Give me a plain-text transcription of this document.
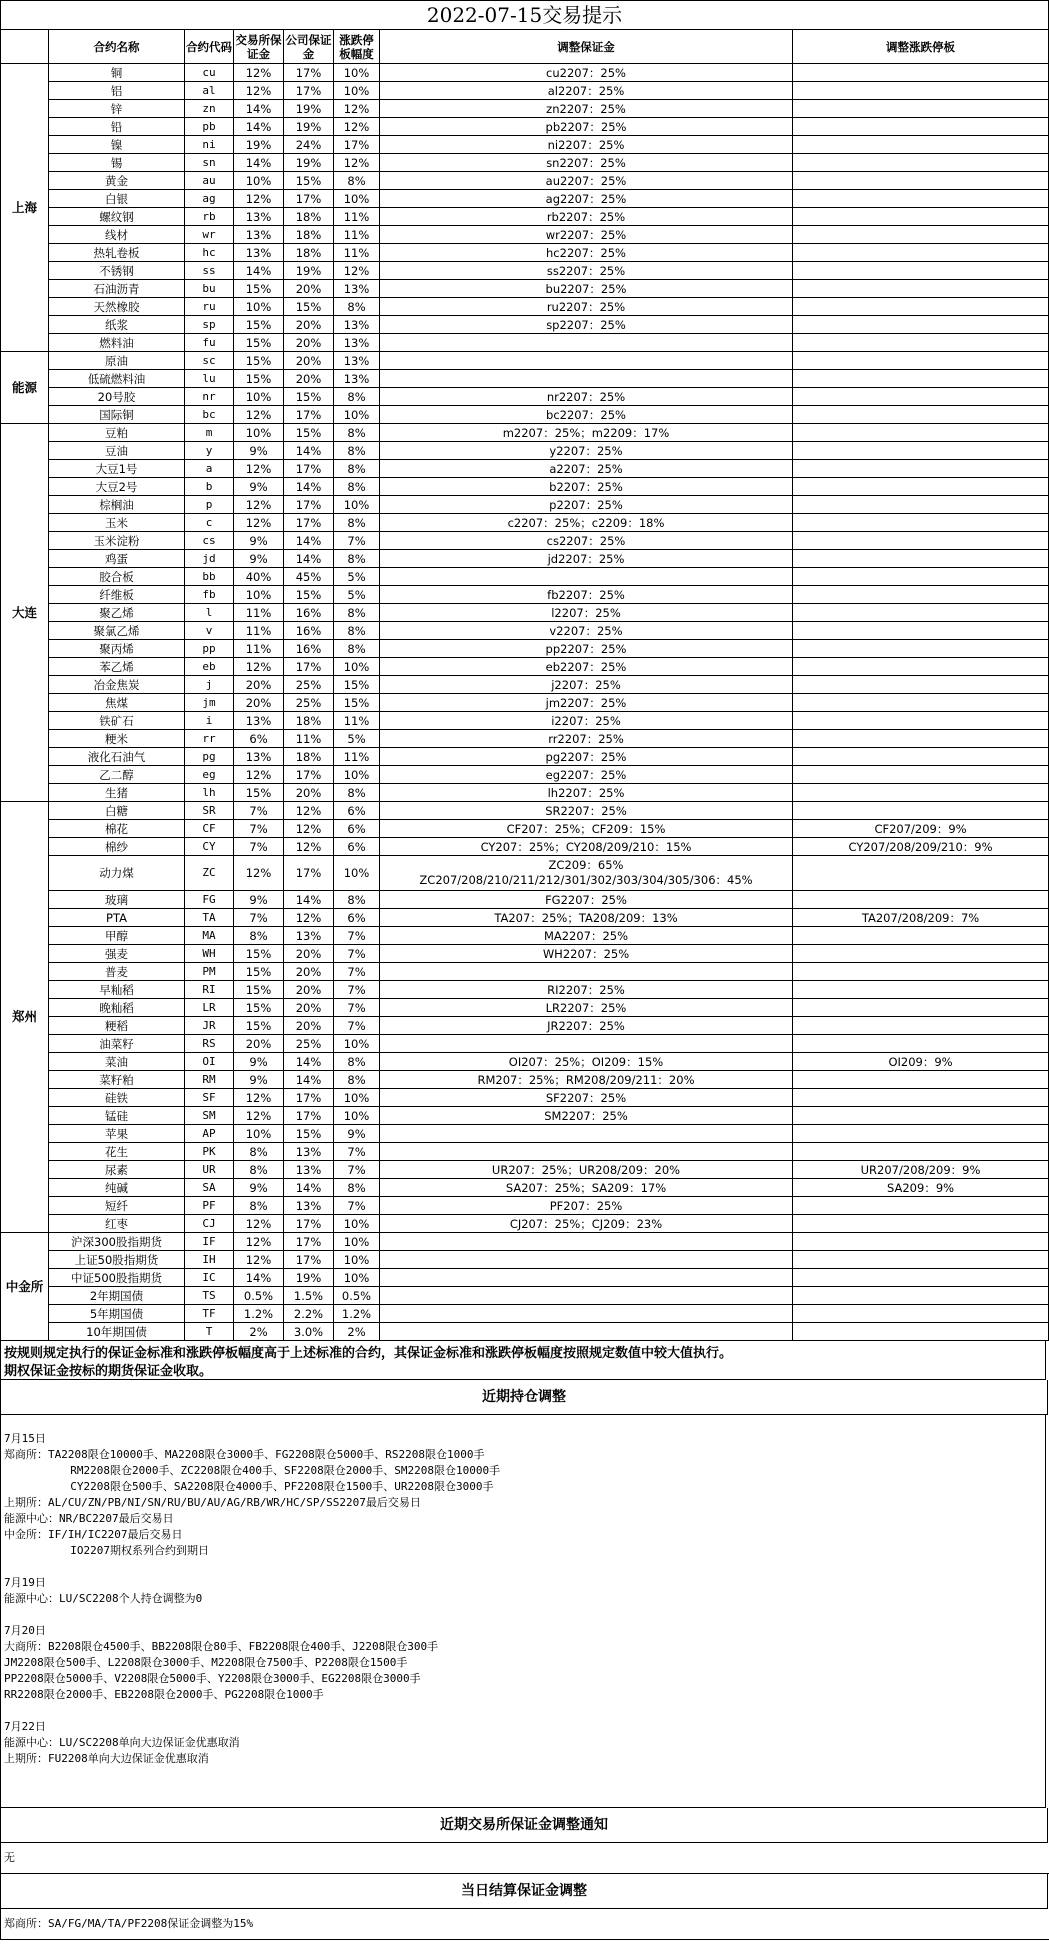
2022-07-15交易提示							
	合约名称	合约代码	交易所保证金	公司保证金	涨跌停板幅度	调整保证金	调整涨跌停板
上海	铜	cu	12%	17%	10%	cu2207：25%	
	铝	al	12%	17%	10%	al2207：25%	
	锌	zn	14%	19%	12%	zn2207：25%	
	铅	pb	14%	19%	12%	pb2207：25%	
	镍	ni	19%	24%	17%	ni2207：25%	
	锡	sn	14%	19%	12%	sn2207：25%	
	黄金	au	10%	15%	8%	au2207：25%	
	白银	ag	12%	17%	10%	ag2207：25%	
	螺纹钢	rb	13%	18%	11%	rb2207：25%	
	线材	wr	13%	18%	11%	wr2207：25%	
	热轧卷板	hc	13%	18%	11%	hc2207：25%	
	不锈钢	ss	14%	19%	12%	ss2207：25%	
	石油沥青	bu	15%	20%	13%	bu2207：25%	
	天然橡胶	ru	10%	15%	8%	ru2207：25%	
	纸浆	sp	15%	20%	13%	sp2207：25%	
	燃料油	fu	15%	20%	13%		
能源	原油	sc	15%	20%	13%		
	低硫燃料油	lu	15%	20%	13%		
	20号胶	nr	10%	15%	8%	nr2207：25%	
	国际铜	bc	12%	17%	10%	bc2207：25%	
大连	豆粕	m	10%	15%	8%	m2207：25%；m2209：17%	
	豆油	y	9%	14%	8%	y2207：25%	
	大豆1号	a	12%	17%	8%	a2207：25%	
	大豆2号	b	9%	14%	8%	b2207：25%	
	棕榈油	p	12%	17%	10%	p2207：25%	
	玉米	c	12%	17%	8%	c2207：25%；c2209：18%	
	玉米淀粉	cs	9%	14%	7%	cs2207：25%	
	鸡蛋	jd	9%	14%	8%	jd2207：25%	
	胶合板	bb	40%	45%	5%		
	纤维板	fb	10%	15%	5%	fb2207：25%	
	聚乙烯	l	11%	16%	8%	l2207：25%	
	聚氯乙烯	v	11%	16%	8%	v2207：25%	
	聚丙烯	pp	11%	16%	8%	pp2207：25%	
	苯乙烯	eb	12%	17%	10%	eb2207：25%	
	冶金焦炭	j	20%	25%	15%	j2207：25%	
	焦煤	jm	20%	25%	15%	jm2207：25%	
	铁矿石	i	13%	18%	11%	i2207：25%	
	粳米	rr	6%	11%	5%	rr2207：25%	
	液化石油气	pg	13%	18%	11%	pg2207：25%	
	乙二醇	eg	12%	17%	10%	eg2207：25%	
	生猪	lh	15%	20%	8%	lh2207：25%	
郑州	白糖	SR	7%	12%	6%	SR2207：25%	
	棉花	CF	7%	12%	6%	CF207：25%；CF209：15%	CF207/209：9%
	棉纱	CY	7%	12%	6%	CY207：25%；CY208/209/210：15%	CY207/208/209/210：9%
	动力煤	ZC	12%	17%	10%	ZC209：65%
ZC207/208/210/211/212/301/302/303/304/305/306：45%	

	玻璃	FG	9%	14%	8%	FG2207：25%	
	PTA	TA	7%	12%	6%	TA207：25%；TA208/209：13%	TA207/208/209：7%
	甲醇	MA	8%	13%	7%	MA2207：25%	
	强麦	WH	15%	20%	7%	WH2207：25%	
	普麦	PM	15%	20%	7%		
	早籼稻	RI	15%	20%	7%	RI2207：25%	
	晚籼稻	LR	15%	20%	7%	LR2207：25%	
	粳稻	JR	15%	20%	7%	JR2207：25%	
	油菜籽	RS	20%	25%	10%		
	菜油	OI	9%	14%	8%	OI207：25%；OI209：15%	OI209：9%
	菜籽粕	RM	9%	14%	8%	RM207：25%；RM208/209/211：20%	
	硅铁	SF	12%	17%	10%	SF2207：25%	
	锰硅	SM	12%	17%	10%	SM2207：25%	
	苹果	AP	10%	15%	9%		
	花生	PK	8%	13%	7%		
	尿素	UR	8%	13%	7%	UR207：25%；UR208/209：20%	UR207/208/209：9%
	纯碱	SA	9%	14%	8%	SA207：25%；SA209：17%	SA209：9%
	短纤	PF	8%	13%	7%	PF207：25%	
	红枣	CJ	12%	17%	10%	CJ207：25%；CJ209：23%	
中金所	沪深300股指期货	IF	12%	17%	10%		
	上证50股指期货	IH	12%	17%	10%		
	中证500股指期货	IC	14%	19%	10%		
	2年期国债	TS	0.5%	1.5%	0.5%		
	5年期国债	TF	1.2%	2.2%	1.2%		
	10年期国债	T	2%	3.0%	2%		
按规则规定执行的保证金标准和涨跌停板幅度高于上述标准的合约，其保证金标准和涨跌停板幅度按照规定数值中较大值执行。
期权保证金按标的期货保证金收取。
近期持仓调整
7月15日
郑商所：TA2208限仓10000手、MA2208限仓3000手、FG2208限仓5000手、RS2208限仓1000手
RM2208限仓2000手、ZC2208限仓400手、SF2208限仓2000手、SM2208限仓10000手
CY2208限仓500手、SA2208限仓4000手、PF2208限仓1500手、UR2208限仓3000手
上期所：AL/CU/ZN/PB/NI/SN/RU/BU/AU/AG/RB/WR/HC/SP/SS2207最后交易日
能源中心：NR/BC2207最后交易日
中金所：IF/IH/IC2207最后交易日
IO2207期权系列合约到期日
7月19日
能源中心：LU/SC2208个人持仓调整为0
7月20日
大商所：B2208限仓4500手、BB2208限仓80手、FB2208限仓400手、J2208限仓300手
JM2208限仓500手、L2208限仓3000手、M2208限仓7500手、P2208限仓1500手
PP2208限仓5000手、V2208限仓5000手、Y2208限仓3000手、EG2208限仓3000手
RR2208限仓2000手、EB2208限仓2000手、PG2208限仓1000手
7月22日
能源中心：LU/SC2208单向大边保证金优惠取消
上期所：FU2208单向大边保证金优惠取消
近期交易所保证金调整通知
无
当日结算保证金调整
郑商所：SA/FG/MA/TA/PF2208保证金调整为15%
